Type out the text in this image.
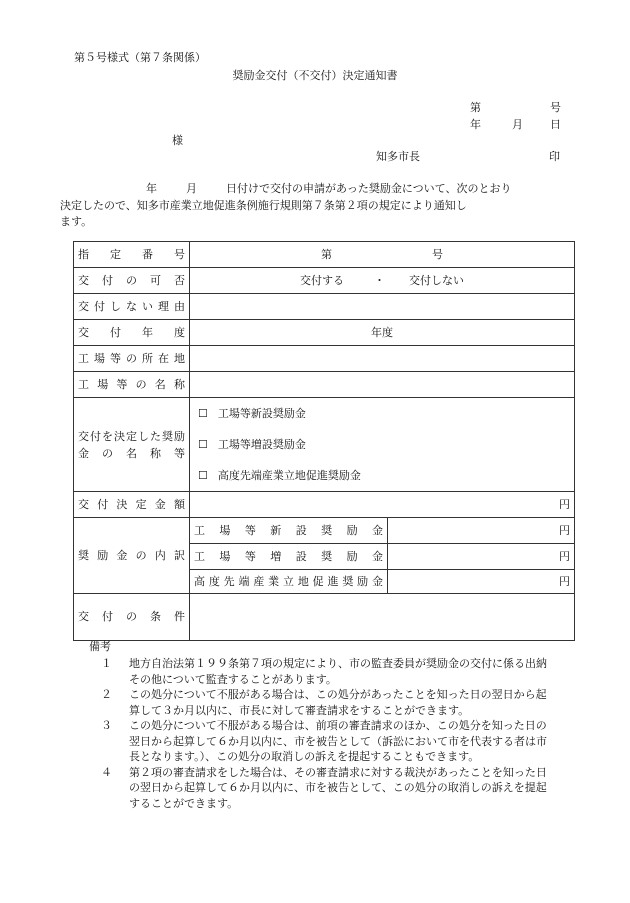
第５号様式（第７条関係）
奨励金交付（不交付）決定通知書
第	号
年	月 日
様
知多市長	印
年	月	日付けで交付の申請があった奨励金について、次のとおり
決定したので、知多市産業立地促進条例施行規則第７条第２項の規定により通知し
ます。
指定番号	第 号	
交付の可否	交付する ・ 交付しない	
交付しない理由		
交付年度	年度	
工場等の所在地		
工場等の名称		

交付を決定した奨励金の名称等	☐ 工場等新設奨励金
☐ 工場等増設奨励金
☐ 高度先端産業立地促進奨励金	

交付決定金額	円	
奨励金の内訳	工場等新設奨励金	円
	工場等増設奨励金	円
	高度先端産業立地促進奨励金	円
交付の条件		
備考
１	地方自治法第１９９条第７項の規定により、市の監査委員が奨励金の交付に係る出納
その他について監査することがあります。
２	この処分について不服がある場合は、この処分があったことを知った日の翌日から起
算して３か月以内に、市長に対して審査請求をすることができます。
３	この処分について不服がある場合は、前項の審査請求のほか、この処分を知った日の
翌日から起算して６か月以内に、市を被告として（訴訟において市を代表する者は市
長となります。）、この処分の取消しの訴えを提起することもできます。
４	第２項の審査請求をした場合は、その審査請求に対する裁決があったことを知った日
の翌日から起算して６か月以内に、市を被告として、この処分の取消しの訴えを提起
することができます。
